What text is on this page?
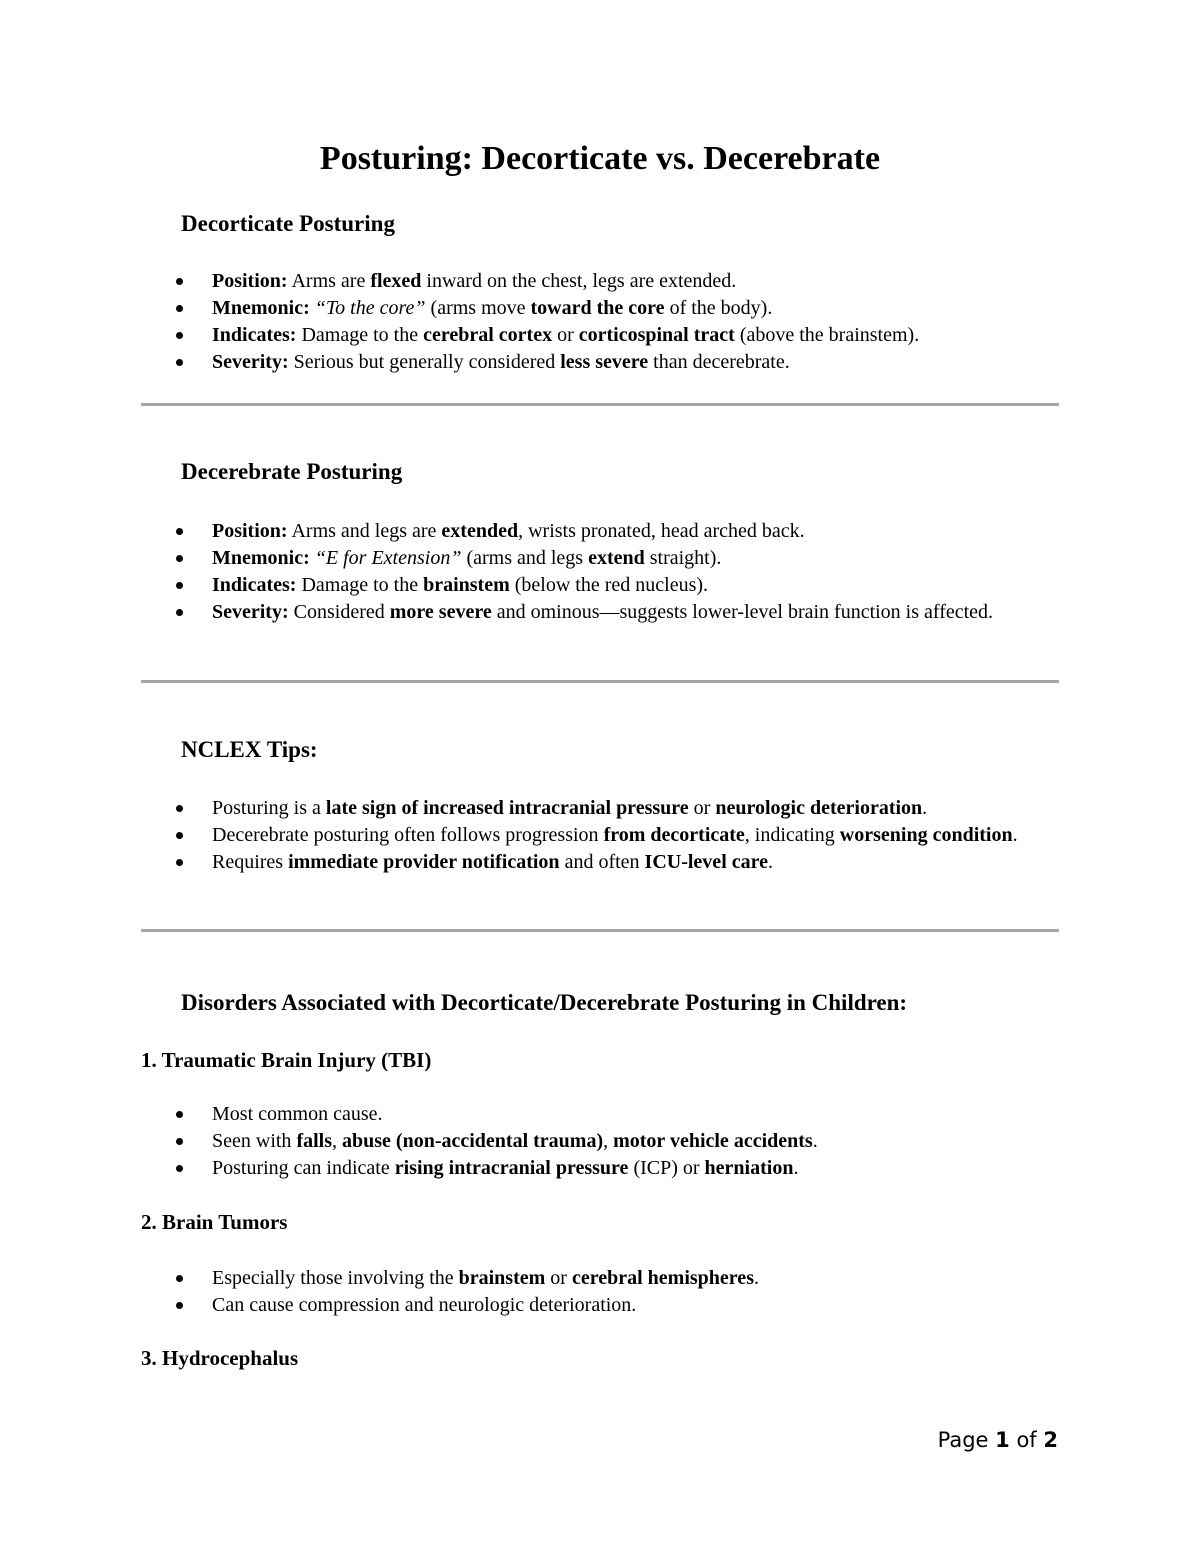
Posturing: Decorticate vs. Decerebrate
Decorticate Posturing
Position: Arms are flexed inward on the chest, legs are extended.
Mnemonic: “To the core” (arms move toward the core of the body).
Indicates: Damage to the cerebral cortex or corticospinal tract (above the brainstem).
Severity: Serious but generally considered less severe than decerebrate.
Decerebrate Posturing
Position: Arms and legs are extended, wrists pronated, head arched back.
Mnemonic: “E for Extension” (arms and legs extend straight).
Indicates: Damage to the brainstem (below the red nucleus).
Severity: Considered more severe and ominous—suggests lower-level brain function is affected.
NCLEX Tips:
Posturing is a late sign of increased intracranial pressure or neurologic deterioration.
Decerebrate posturing often follows progression from decorticate, indicating worsening condition.
Requires immediate provider notification and often ICU-level care.
Disorders Associated with Decorticate/Decerebrate Posturing in Children:
1. Traumatic Brain Injury (TBI)
Most common cause.
Seen with falls, abuse (non-accidental trauma), motor vehicle accidents.
Posturing can indicate rising intracranial pressure (ICP) or herniation.
2. Brain Tumors
Especially those involving the brainstem or cerebral hemispheres.
Can cause compression and neurologic deterioration.
3. Hydrocephalus
Page 1 of 2
